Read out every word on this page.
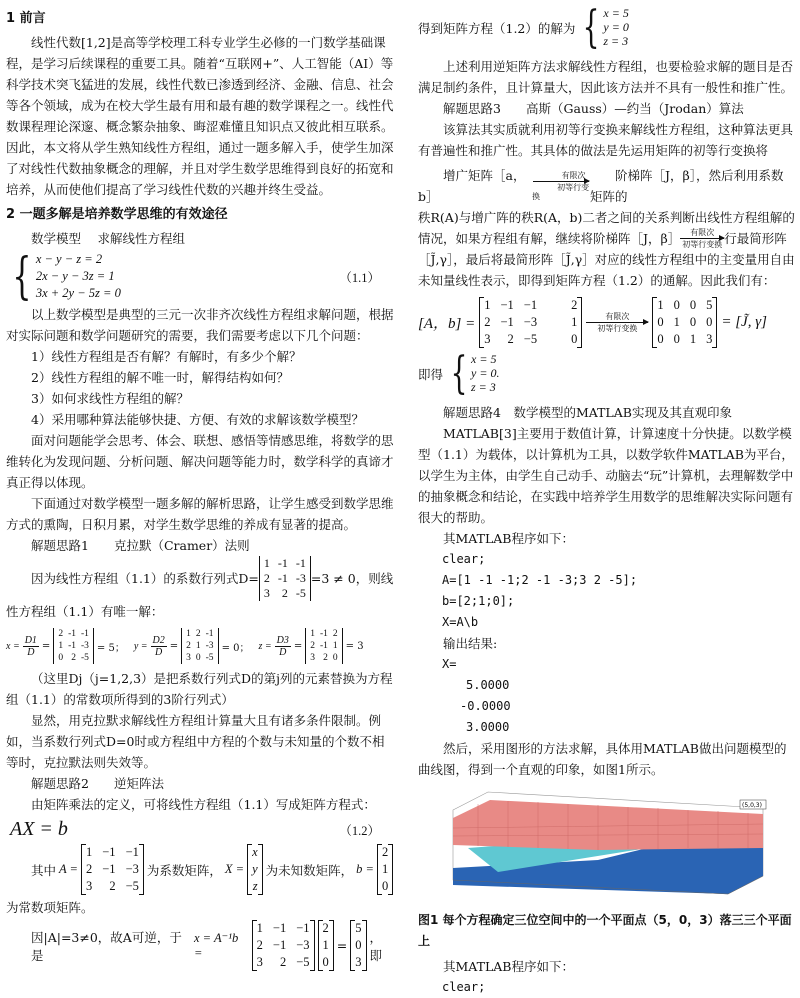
1 前言

线性代数[1,2]是高等学校理工科专业学生必修的一门数学基础课程，是学习后续课程的重要工具。随着“互联网+”、人工智能（AI）等科学技术突飞猛进的发展，线性代数已渗透到经济、金融、信息、社会等各个领域，成为在校大学生最有用和最有趣的数学课程之一。线性代数课程理论深邃、概念繁杂抽象、晦涩难懂且知识点又彼此相互联系。因此，本文将从学生熟知线性方程组，通过一题多解入手，使学生加深了对线性代数抽象概念的理解，并且对学生数学思维得到良好的拓宽和培养，从而使他们提高了学习线性代数的兴趣并终生受益。

2 一题多解是培养数学思维的有效途径

数学模型　 求解线性方程组

{ x − y − z = 2
2x − y − 3z = 1
3x + 2y − 5z = 0
（1.1）

以上数学模型是典型的三元一次非齐次线性方程组求解问题，根据对实际问题和数学问题研究的需要，我们需要考虑以下几个问题：

1）线性方程组是否有解？有解时，有多少个解？

2）线性方程组的解不唯一时，解得结构如何？

3）如何求线性方程组的解？

4）采用哪种算法能够快捷、方便、有效的求解该数学模型？

面对问题能学会思考、体会、联想、感悟等情感思维，将数学的思维转化为发现问题、分析问题、解决问题等能力时，数学科学的真谛才真正得以体现。

下面通过对数学模型一题多解的解析思路，让学生感受到数学思维方式的熏陶，日积月累，对学生数学思维的养成有显著的提高。

解题思路1　　克拉默（Cramer）法则

因为线性方程组（1.1）的系数行列式D=
1 -1 -1
2 -1 -3
3	2 -5
=3 ≠ 0，则线

性方程组（1.1）有唯一解：

$x = \frac{D1}{D}$ =
2 -1 -1
1 -1 -3
0 2 -5
= 5； $y = \frac{D2}{D}$ =
1 2 -1
2 1 -3
3 0 -5
= 0； $z = \frac{D3}{D}$ =
1 -1 2
2 -1 1
3 2 0
= 3

（这里Dj（j=1,2,3）是把系数行列式D的第j列的元素替换为方程组（1.1）的常数项所得到的3阶行列式）

显然，用克拉默求解线性方程组计算量大且有诸多条件限制。例如，当系数行列式D=0时或方程组中方程的个数与未知量的个数不相等时，克拉默法则失效等。

解题思路2　　逆矩阵法

由矩阵乘法的定义，可将线性方程组（1.1）写成矩阵方程式：

AX = b	（1.2）
其中 A =
1 −1 −1
2 −1 −3
3	2 −5
为系数矩阵， X =
x
y
z
为未知数矩阵， b =
2
1
0

为常数项矩阵。

因|A|=3≠0，故A可逆，于是
x = A⁻¹b =
1 −1 −1
2 −1 −3
3	2 −5
2
1
0
=
5
0
3
，即
得到矩阵方程（1.2）的解为 { x = 5
y = 0
z = 3

上述利用逆矩阵方法求解线性方程组，也要检验求解的题目是否满足制约条件，且计算量大，因此该方法并不具有一般性和推广性。

解题思路3　　高斯（Gauss）—约当（Jrodan）算法

该算法其实质就利用初等行变换来解线性方程组，这种算法更具有普遍性和推广性。其具体的做法是先运用矩阵的初等行变换将

增广矩阵［a，b］
有限次
初等行变换
阶梯阵［J，β］，然后利用系数矩阵的

秩R(A)与增广阵的秩R(A，b)二者之间的关系判断出线性方程组解的

情况，如果方程组有解，继续将阶梯阵［J，β］ 有限次
初等行变换 行最简形阵

［J̃,γ］，最后将最简形阵［J̃,γ］对应的线性方程组中的主变量用自由未知量线性表示，即得到矩阵方程（1.2）的通解。因此我们有：

[A，b] =
1 −1 −1	2
2 −1 −3	1
3	2 −5	0
有限次
初等行变换
1 0 0 5
0 1 0 0
0 0 1 3
= [J̃, γ]
即得 { x = 5
y = 0.
z = 3

解题思路4　数学模型的MATLAB实现及其直观印象

MATLAB[3]主要用于数值计算，计算速度十分快捷。以数学模型（1.1）为载体，以计算机为工具，以数学软件MATLAB为平台，以学生为主体，由学生自己动手、动脑去“玩”计算机，去理解数学中的抽象概念和结论，在实践中培养学生用数学的思维解决实际问题有很大的帮助。

其MATLAB程序如下：

clear;

A=[1 -1 -1;2 -1 -3;3 2 -5];

b=[2;1;0];

X=A\b

输出结果:

X=

5.0000

-0.0000

3.0000

然后，采用图形的方法求解，具体用MATLAB做出问题模型的曲线图，得到一个直观的印象，如图1所示。

(5,0,3)

图1 每个方程确定三位空间中的一个平面点（5，0，3）落三三个平面上

其MATLAB程序如下：

clear;
